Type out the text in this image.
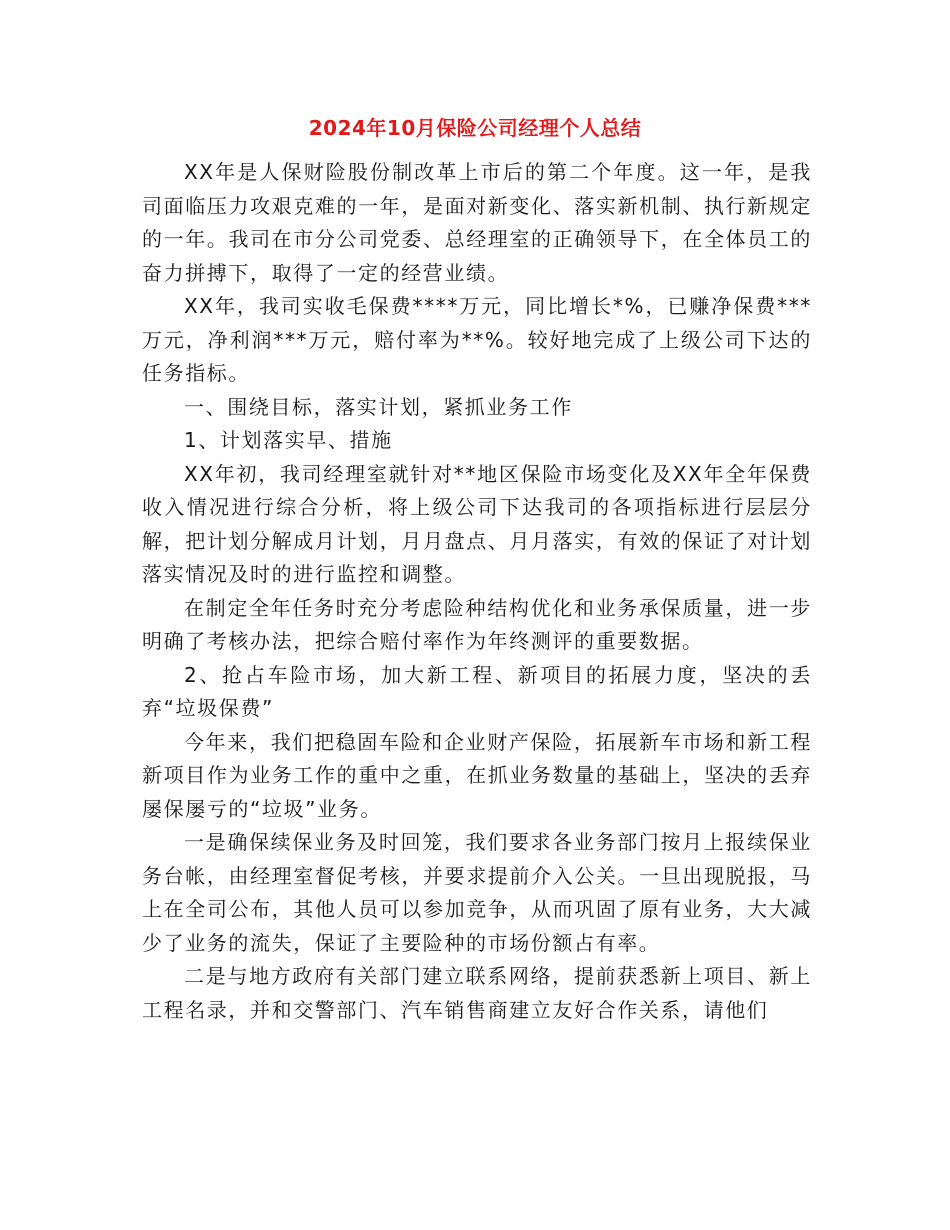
2024年10月保险公司经理个人总结

XX年是人保财险股份制改革上市后的第二个年度。这一年，是我司面临压力攻艰克难的一年，是面对新变化、落实新机制、执行新规定的一年。我司在市分公司党委、总经理室的正确领导下，在全体员工的奋力拼搏下，取得了一定的经营业绩。

XX年，我司实收毛保费****万元，同比增长*%，已赚净保费***万元，净利润***万元，赔付率为**%。较好地完成了上级公司下达的任务指标。

一、围绕目标，落实计划，紧抓业务工作

1、计划落实早、措施

XX年初，我司经理室就针对**地区保险市场变化及XX年全年保费收入情况进行综合分析，将上级公司下达我司的各项指标进行层层分解，把计划分解成月计划，月月盘点、月月落实，有效的保证了对计划落实情况及时的进行监控和调整。

在制定全年任务时充分考虑险种结构优化和业务承保质量，进一步明确了考核办法，把综合赔付率作为年终测评的重要数据。

2、抢占车险市场，加大新工程、新项目的拓展力度，坚决的丢弃“垃圾保费”

今年来，我们把稳固车险和企业财产保险，拓展新车市场和新工程新项目作为业务工作的重中之重，在抓业务数量的基础上，坚决的丢弃屡保屡亏的“垃圾”业务。

一是确保续保业务及时回笼，我们要求各业务部门按月上报续保业务台帐，由经理室督促考核，并要求提前介入公关。一旦出现脱报，马上在全司公布，其他人员可以参加竞争，从而巩固了原有业务，大大减少了业务的流失，保证了主要险种的市场份额占有率。

二是与地方政府有关部门建立联系网络，提前获悉新上项目、新上工程名录，并和交警部门、汽车销售商建立友好合作关系，请他们
